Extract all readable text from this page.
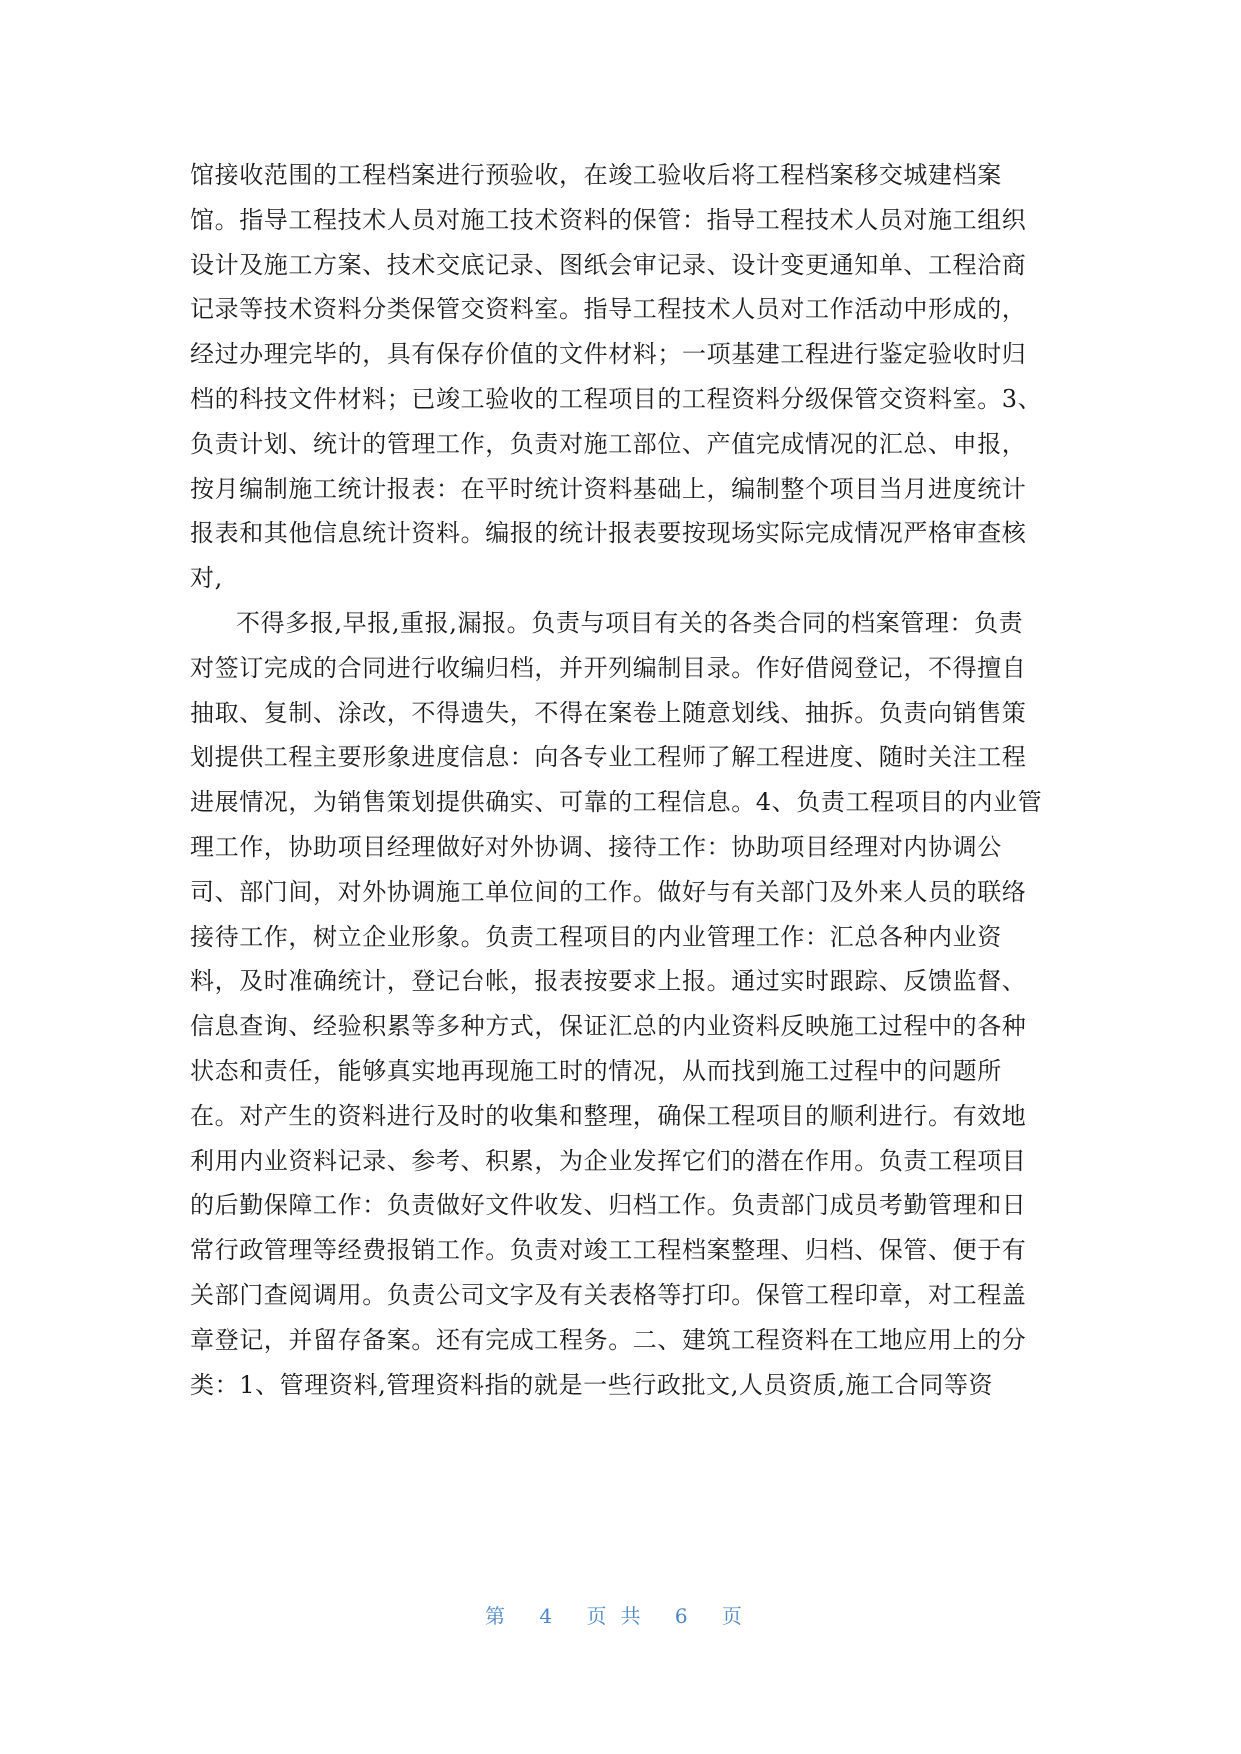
馆接收范围的工程档案进行预验收，在竣工验收后将工程档案移交城建档案
馆。指导工程技术人员对施工技术资料的保管：指导工程技术人员对施工组织
设计及施工方案、技术交底记录、图纸会审记录、设计变更通知单、工程洽商
记录等技术资料分类保管交资料室。指导工程技术人员对工作活动中形成的，
经过办理完毕的，具有保存价值的文件材料；一项基建工程进行鉴定验收时归
档的科技文件材料；已竣工验收的工程项目的工程资料分级保管交资料室。3、
负责计划、统计的管理工作，负责对施工部位、产值完成情况的汇总、申报，
按月编制施工统计报表：在平时统计资料基础上，编制整个项目当月进度统计
报表和其他信息统计资料。编报的统计报表要按现场实际完成情况严格审查核
对,
不得多报,早报,重报,漏报。负责与项目有关的各类合同的档案管理：负责
对签订完成的合同进行收编归档，并开列编制目录。作好借阅登记，不得擅自
抽取、复制、涂改，不得遗失，不得在案卷上随意划线、抽拆。负责向销售策
划提供工程主要形象进度信息：向各专业工程师了解工程进度、随时关注工程
进展情况，为销售策划提供确实、可靠的工程信息。4、负责工程项目的内业管
理工作，协助项目经理做好对外协调、接待工作：协助项目经理对内协调公
司、部门间，对外协调施工单位间的工作。做好与有关部门及外来人员的联络
接待工作，树立企业形象。负责工程项目的内业管理工作：汇总各种内业资
料，及时准确统计，登记台帐，报表按要求上报。通过实时跟踪、反馈监督、
信息查询、经验积累等多种方式，保证汇总的内业资料反映施工过程中的各种
状态和责任，能够真实地再现施工时的情况，从而找到施工过程中的问题所
在。对产生的资料进行及时的收集和整理，确保工程项目的顺利进行。有效地
利用内业资料记录、参考、积累，为企业发挥它们的潜在作用。负责工程项目
的后勤保障工作：负责做好文件收发、归档工作。负责部门成员考勤管理和日
常行政管理等经费报销工作。负责对竣工工程档案整理、归档、保管、便于有
关部门查阅调用。负责公司文字及有关表格等打印。保管工程印章，对工程盖
章登记，并留存备案。还有完成工程务。二、建筑工程资料在工地应用上的分
类：1、管理资料,管理资料指的就是一些行政批文,人员资质,施工合同等资
第 4 页共 6 页
